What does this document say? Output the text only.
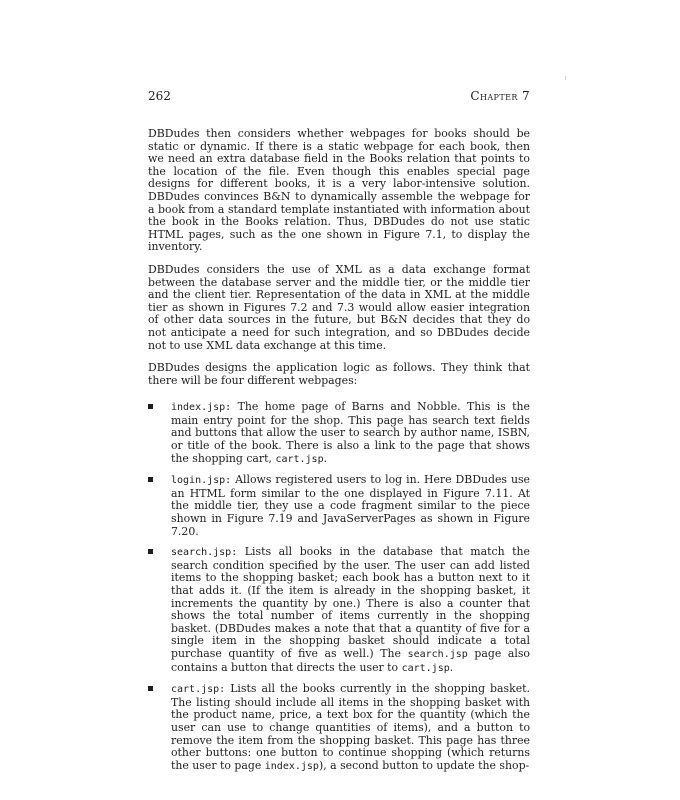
262	Chapter 7

DBDudes then considers whether webpages for books should be static or dynamic. If there is a static webpage for each book, then we need an extra database field in the Books relation that points to the location of the file. Even though this enables special page designs for different books, it is a very labor-intensive solution. DBDudes convinces B&N to dynamically assemble the webpage for a book from a standard template instantiated with information about the book in the Books relation. Thus, DBDudes do not use static HTML pages, such as the one shown in Figure 7.1, to display the inventory.

DBDudes considers the use of XML as a data exchange format between the database server and the middle tier, or the middle tier and the client tier. Representation of the data in XML at the middle tier as shown in Figures 7.2 and 7.3 would allow easier integration of other data sources in the future, but B&N decides that they do not anticipate a need for such integration, and so DBDudes decide not to use XML data exchange at this time.

DBDudes designs the application logic as follows. They think that there will be four different webpages:

index.jsp: The home page of Barns and Nobble. This is the main entry point for the shop. This page has search text fields and buttons that allow the user to search by author name, ISBN, or title of the book. There is also a link to the page that shows the shopping cart, cart.jsp.
login.jsp: Allows registered users to log in. Here DBDudes use an HTML form similar to the one displayed in Figure 7.11. At the middle tier, they use a code fragment similar to the piece shown in Figure 7.19 and JavaServerPages as shown in Figure 7.20.
search.jsp: Lists all books in the database that match the search condition specified by the user. The user can add listed items to the shopping basket; each book has a button next to it that adds it. (If the item is already in the shopping basket, it increments the quantity by one.) There is also a counter that shows the total number of items currently in the shopping basket. (DBDudes makes a note that that a quantity of five for a single item in the shopping basket should indicate a total purchase quantity of five as well.) The search.jsp page also contains a button that directs the user to cart.jsp.
cart.jsp: Lists all the books currently in the shopping basket. The listing should include all items in the shopping basket with the product name, price, a text box for the quantity (which the user can use to change quantities of items), and a button to remove the item from the shopping basket. This page has three other buttons: one button to continue shopping (which returns the user to page index.jsp), a second button to update the shop-
